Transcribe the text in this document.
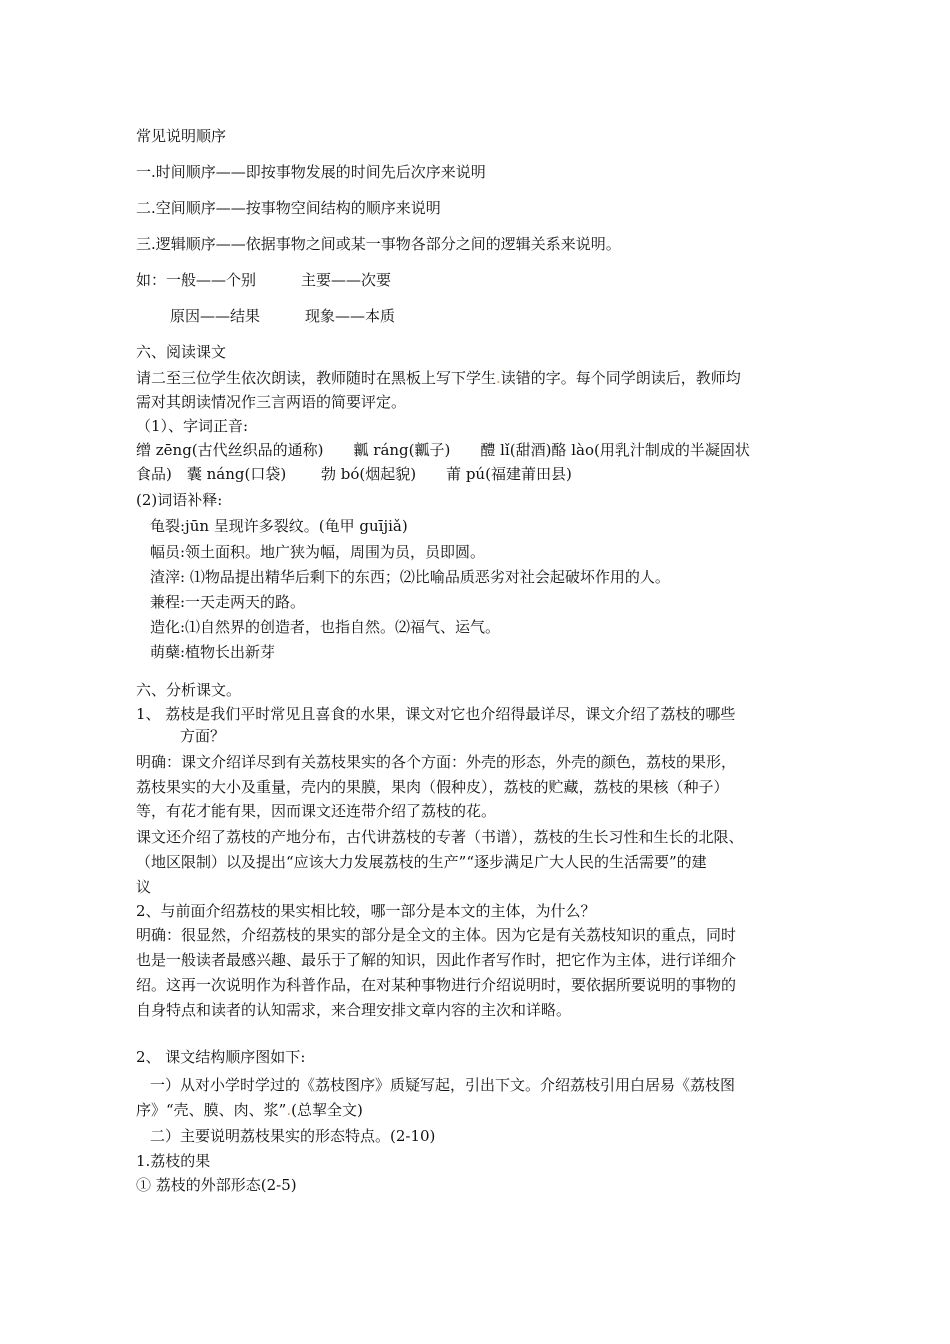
常见说明顺序
一.时间顺序——即按事物发展的时间先后次序来说明
二.空间顺序——按事物空间结构的顺序来说明
三.逻辑顺序——依据事物之间或某一事物各部分之间的逻辑关系来说明。
如：一般——个别　　　主要——次要
原因——结果　　　现象——本质
六、阅读课文
请二至三位学生依次朗读，教师随时在黑板上写下学生.读错的字。每个同学朗读后，教师均
需对其朗读情况作三言两语的简要评定。
（1）、字词正音:
缯 zēng(古代丝织品的通称)　　瓤 ráng(瓤子)　　醴 lǐ(甜酒)酪 lào(用乳汁制成的半凝固状
食品)　囊 náng(口袋)　　 勃 bó(烟起貌)　　莆 pú(福建莆田县)
(2)词语补释:
龟裂:jūn 呈现许多裂纹。(龟甲 guījiǎ)
幅员:领土面积。地广狭为幅，周围为员，员即圆。
渣滓: ⑴物品提出精华后剩下的东西；⑵比喻品质恶劣对社会起破坏作用的人。
兼程:一天走两天的路。
造化:⑴自然界的创造者，也指自然。⑵福气、运气。
萌蘖:植物长出新芽
六、分析课文。
1、 荔枝是我们平时常见且喜食的水果，课文对它也介绍得最详尽，课文介绍了荔枝的哪些
方面？
明确：课文介绍详尽到有关荔枝果实的各个方面：外壳的形态，外壳的颜色，荔枝的果形，
荔枝果实的大小及重量，壳内的果膜，果肉（假种皮），荔枝的贮藏，荔枝的果核（种子）
等，有花才能有果，因而课文还连带介绍了荔枝的花。
课文还介绍了荔枝的产地分布，古代讲荔枝的专著（书谱），荔枝的生长习性和生长的北限、
（地区限制）以及提出“应该大力发展荔枝的生产”“逐步满足广大人民的生活需要”的建
议
2、与前面介绍荔枝的果实相比较，哪一部分是本文的主体，为什么？
明确：很显然，介绍荔枝的果实的部分是全文的主体。因为它是有关荔枝知识的重点，同时
也是一般读者最感兴趣、最乐于了解的知识，因此作者写作时，把它作为主体，进行详细介
绍。这再一次说明作为科普作品，在对某种事物进行介绍说明时，要依据所要说明的事物的
自身特点和读者的认知需求，来合理安排文章内容的主次和详略。
2、 课文结构顺序图如下:
一）从对小学时学过的《荔枝图序》质疑写起，引出下文。介绍荔枝引用白居易《荔枝图
序》“壳、膜、肉、浆”.(总挈全文)
二）主要说明荔枝果实的形态特点。(2-10)
1.荔枝的果
① 荔枝的外部形态(2-5)
